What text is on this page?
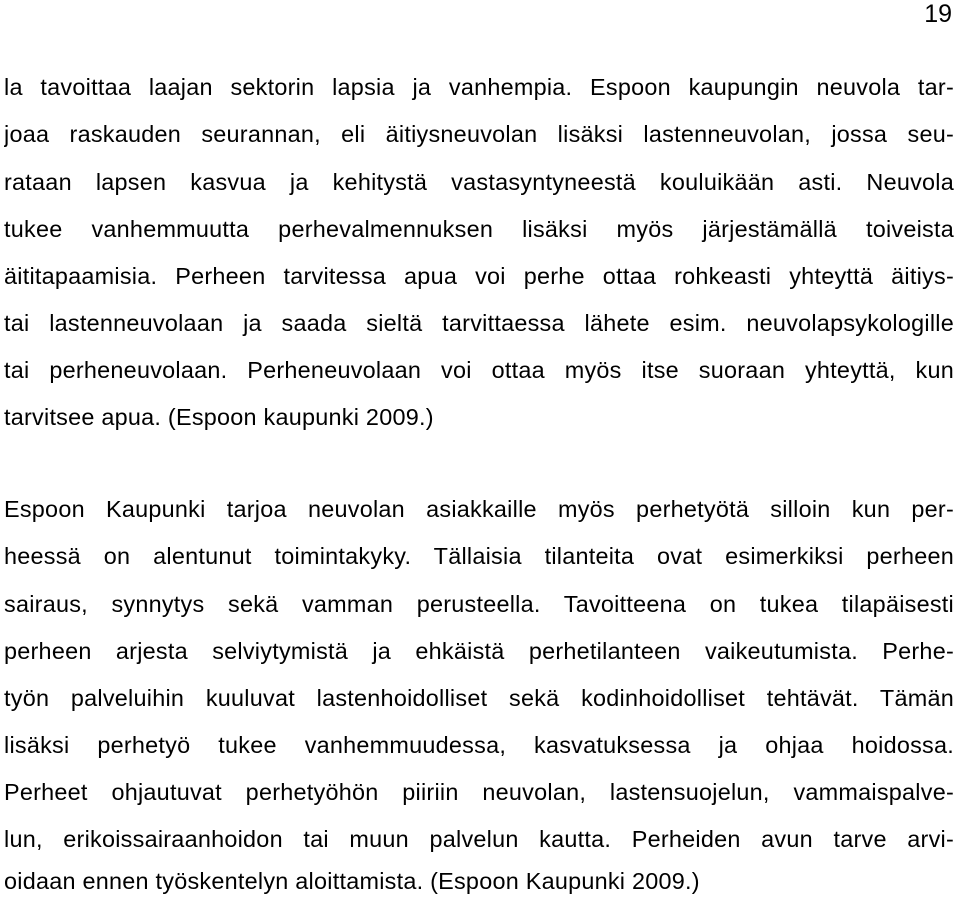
19
la tavoittaa laajan sektorin lapsia ja vanhempia. Espoon kaupungin neuvola tar-
joaa raskauden seurannan, eli äitiysneuvolan lisäksi lastenneuvolan, jossa seu-
rataan lapsen kasvua ja kehitystä vastasyntyneestä kouluikään asti. Neuvola
tukee vanhemmuutta perhevalmennuksen lisäksi myös järjestämällä toiveista
äititapaamisia. Perheen tarvitessa apua voi perhe ottaa rohkeasti yhteyttä äitiys-
tai lastenneuvolaan ja saada sieltä tarvittaessa lähete esim. neuvolapsykologille
tai perheneuvolaan. Perheneuvolaan voi ottaa myös itse suoraan yhteyttä, kun
tarvitsee apua. (Espoon kaupunki 2009.)
Espoon Kaupunki tarjoa neuvolan asiakkaille myös perhetyötä silloin kun per-
heessä on alentunut toimintakyky. Tällaisia tilanteita ovat esimerkiksi perheen
sairaus, synnytys sekä vamman perusteella. Tavoitteena on tukea tilapäisesti
perheen arjesta selviytymistä ja ehkäistä perhetilanteen vaikeutumista. Perhe-
työn palveluihin kuuluvat lastenhoidolliset sekä kodinhoidolliset tehtävät. Tämän
lisäksi perhetyö tukee vanhemmuudessa, kasvatuksessa ja ohjaa hoidossa.
Perheet ohjautuvat perhetyöhön piiriin neuvolan, lastensuojelun, vammaispalve-
lun, erikoissairaanhoidon tai muun palvelun kautta. Perheiden avun tarve arvi-
oidaan ennen työskentelyn aloittamista. (Espoon Kaupunki 2009.)
